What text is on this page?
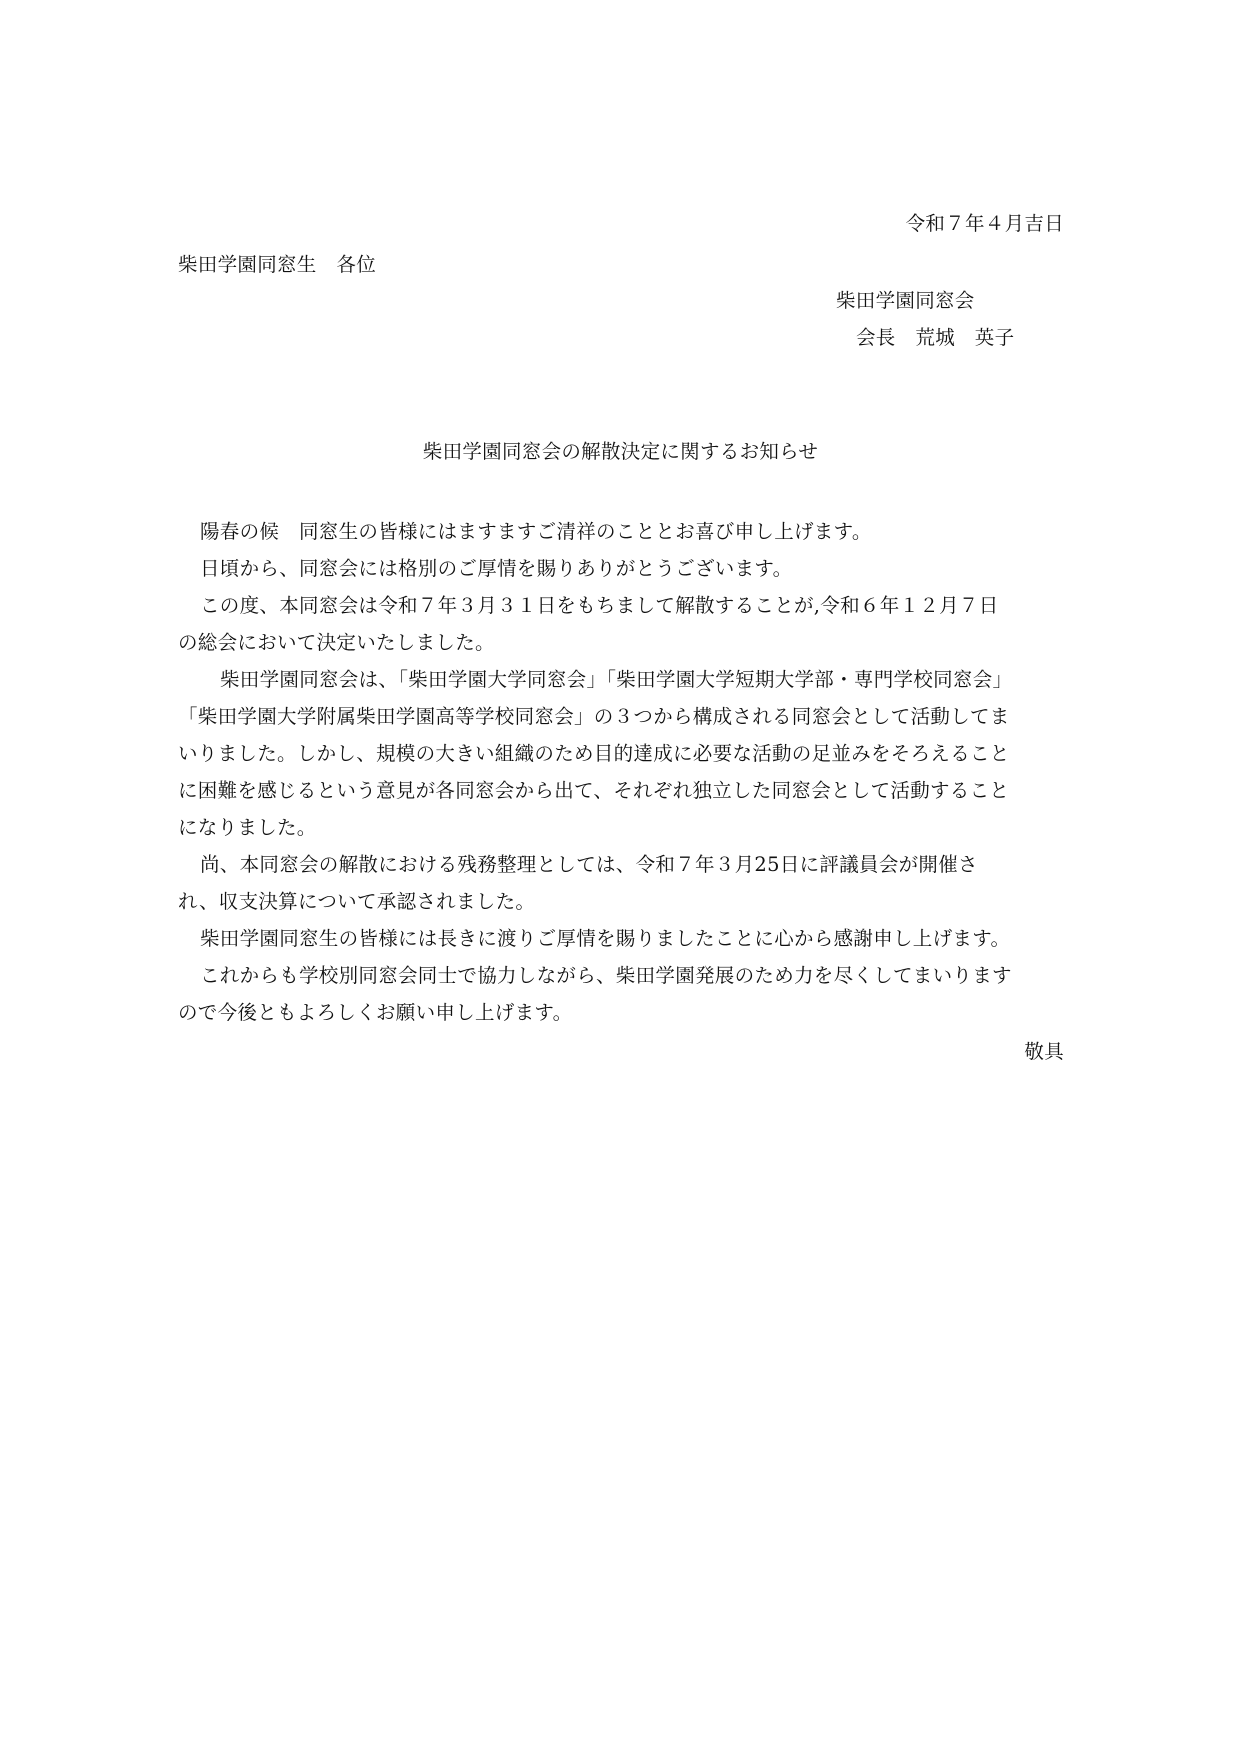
令和７年４月吉日
柴田学園同窓生　各位
柴田学園同窓会
会長　荒城　英子
柴田学園同窓会の解散決定に関するお知らせ
陽春の候　同窓生の皆様にはますますご清祥のこととお喜び申し上げます。
日頃から、同窓会には格別のご厚情を賜りありがとうございます。
この度、本同窓会は令和７年３月３１日をもちまして解散することが,令和６年１２月７日
の総会において決定いたしました。
柴田学園同窓会は、「柴田学園大学同窓会」「柴田学園大学短期大学部・専門学校同窓会」
「柴田学園大学附属柴田学園高等学校同窓会」の３つから構成される同窓会として活動してま
いりました。しかし、規模の大きい組織のため目的達成に必要な活動の足並みをそろえること
に困難を感じるという意見が各同窓会から出て、それぞれ独立した同窓会として活動すること
になりました。
尚、本同窓会の解散における残務整理としては、令和７年３月25日に評議員会が開催さ
れ、収支決算について承認されました。
柴田学園同窓生の皆様には長きに渡りご厚情を賜りましたことに心から感謝申し上げます。
これからも学校別同窓会同士で協力しながら、柴田学園発展のため力を尽くしてまいります
ので今後ともよろしくお願い申し上げます。
敬具
